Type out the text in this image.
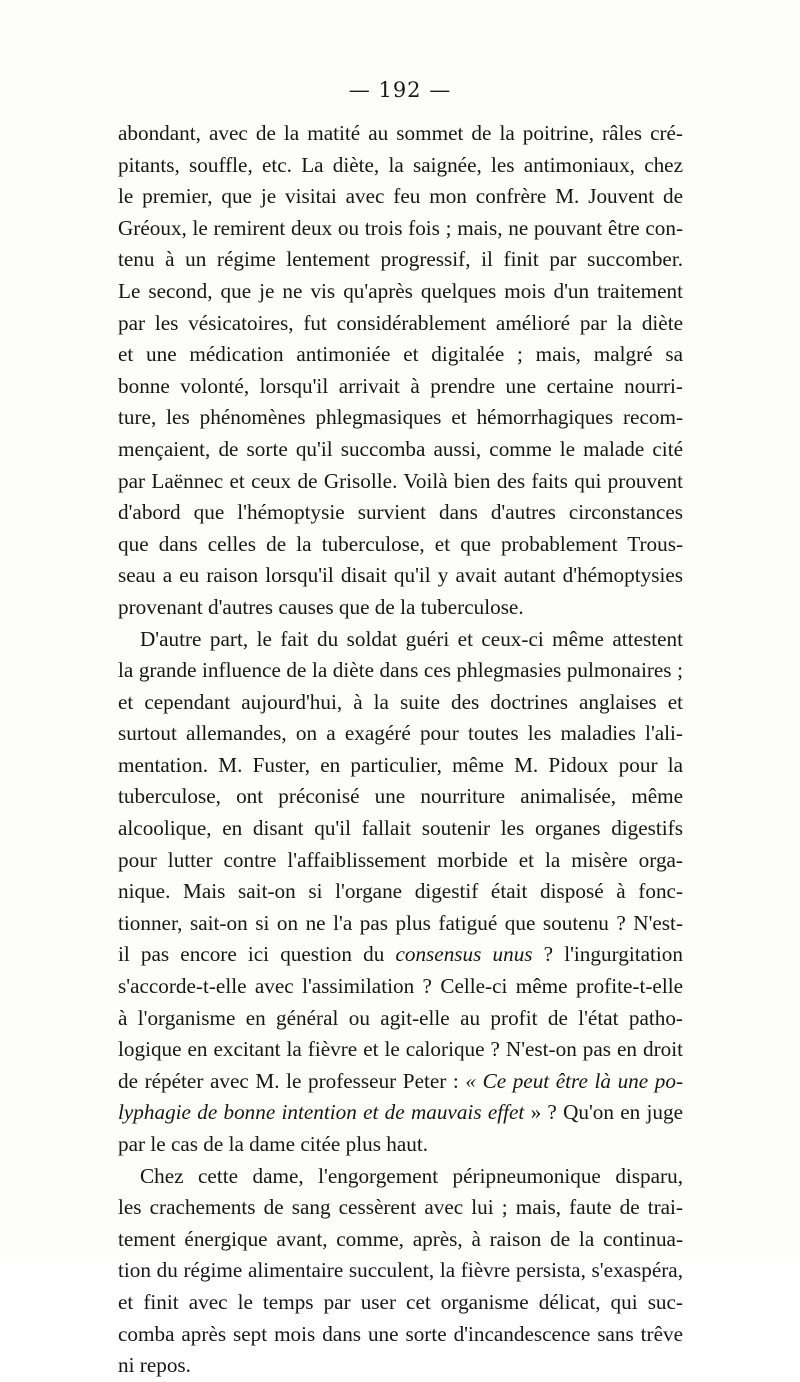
— 192 —
abondant, avec de la matité au sommet de la poitrine, râles cré-
pitants, souffle, etc. La diète, la saignée, les antimoniaux, chez
le premier, que je visitai avec feu mon confrère M. Jouvent de
Gréoux, le remirent deux ou trois fois ; mais, ne pouvant être con-
tenu à un régime lentement progressif, il finit par succomber.
Le second, que je ne vis qu'après quelques mois d'un traitement
par les vésicatoires, fut considérablement amélioré par la diète
et une médication antimoniée et digitalée ; mais, malgré sa
bonne volonté, lorsqu'il arrivait à prendre une certaine nourri-
ture, les phénomènes phlegmasiques et hémorrhagiques recom-
mençaient, de sorte qu'il succomba aussi, comme le malade cité
par Laënnec et ceux de Grisolle. Voilà bien des faits qui prouvent
d'abord que l'hémoptysie survient dans d'autres circonstances
que dans celles de la tuberculose, et que probablement Trous-
seau a eu raison lorsqu'il disait qu'il y avait autant d'hémoptysies
provenant d'autres causes que de la tuberculose.
D'autre part, le fait du soldat guéri et ceux-ci même attestent
la grande influence de la diète dans ces phlegmasies pulmonaires ;
et cependant aujourd'hui, à la suite des doctrines anglaises et
surtout allemandes, on a exagéré pour toutes les maladies l'ali-
mentation. M. Fuster, en particulier, même M. Pidoux pour la
tuberculose, ont préconisé une nourriture animalisée, même
alcoolique, en disant qu'il fallait soutenir les organes digestifs
pour lutter contre l'affaiblissement morbide et la misère orga-
nique. Mais sait-on si l'organe digestif était disposé à fonc-
tionner, sait-on si on ne l'a pas plus fatigué que soutenu ? N'est-
il pas encore ici question du consensus unus ? l'ingurgitation
s'accorde-t-elle avec l'assimilation ? Celle-ci même profite-t-elle
à l'organisme en général ou agit-elle au profit de l'état patho-
logique en excitant la fièvre et le calorique ? N'est-on pas en droit
de répéter avec M. le professeur Peter : « Ce peut être là une po-
lyphagie de bonne intention et de mauvais effet » ? Qu'on en juge
par le cas de la dame citée plus haut.
Chez cette dame, l'engorgement péripneumonique disparu,
les crachements de sang cessèrent avec lui ; mais, faute de trai-
tement énergique avant, comme, après, à raison de la continua-
tion du régime alimentaire succulent, la fièvre persista, s'exaspéra,
et finit avec le temps par user cet organisme délicat, qui suc-
comba après sept mois dans une sorte d'incandescence sans trêve
ni repos.
